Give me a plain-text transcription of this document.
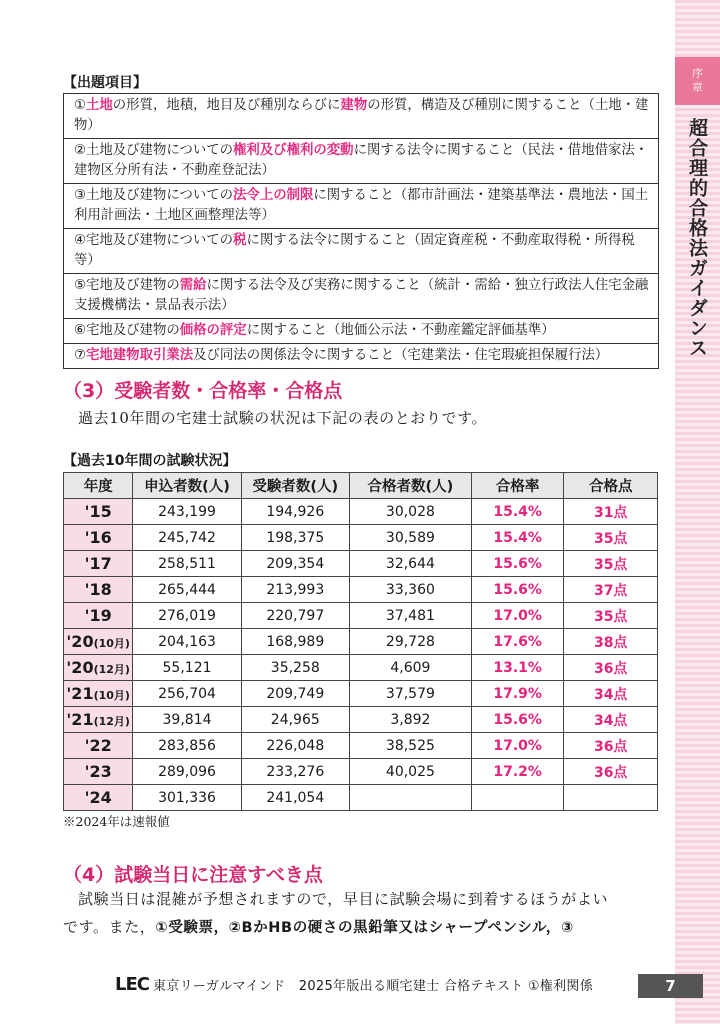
序
章
超合理的合格法ガイダンス
【出題項目】
①土地の形質，地積，地目及び種別ならびに建物の形質，構造及び種別に関すること（土地・建物）
②土地及び建物についての権利及び権利の変動に関する法令に関すること（民法・借地借家法・建物区分所有法・不動産登記法）
③土地及び建物についての法令上の制限に関すること（都市計画法・建築基準法・農地法・国土利用計画法・土地区画整理法等）
④宅地及び建物についての税に関する法令に関すること（固定資産税・不動産取得税・所得税等）
⑤宅地及び建物の需給に関する法令及び実務に関すること（統計・需給・独立行政法人住宅金融支援機構法・景品表示法）
⑥宅地及び建物の価格の評定に関すること（地価公示法・不動産鑑定評価基準）
⑦宅地建物取引業法及び同法の関係法令に関すること（宅建業法・住宅瑕疵担保履行法）
（3）受験者数・合格率・合格点
過去10年間の宅建士試験の状況は下記の表のとおりです。
【過去10年間の試験状況】
年度	申込者数(人)	受験者数(人)	合格者数(人)	合格率	合格点
'15	243,199	194,926	30,028	15.4%	31点
'16	245,742	198,375	30,589	15.4%	35点
'17	258,511	209,354	32,644	15.6%	35点
'18	265,444	213,993	33,360	15.6%	37点
'19	276,019	220,797	37,481	17.0%	35点
'20(10月)	204,163	168,989	29,728	17.6%	38点
'20(12月)	55,121	35,258	4,609	13.1%	36点
'21(10月)	256,704	209,749	37,579	17.9%	34点
'21(12月)	39,814	24,965	3,892	15.6%	34点
'22	283,856	226,048	38,525	17.0%	36点
'23	289,096	233,276	40,025	17.2%	36点
'24	301,336	241,054			
※2024年は速報値
（4）試験当日に注意すべき点
試験当日は混雑が予想されますので，早目に試験会場に到着するほうがよい
です。また，①受験票，②BかHBの硬さの黒鉛筆又はシャープペンシル，③
LEC 東京リーガルマインド　2025年版出る順宅建士 合格テキスト ①権利関係	7
